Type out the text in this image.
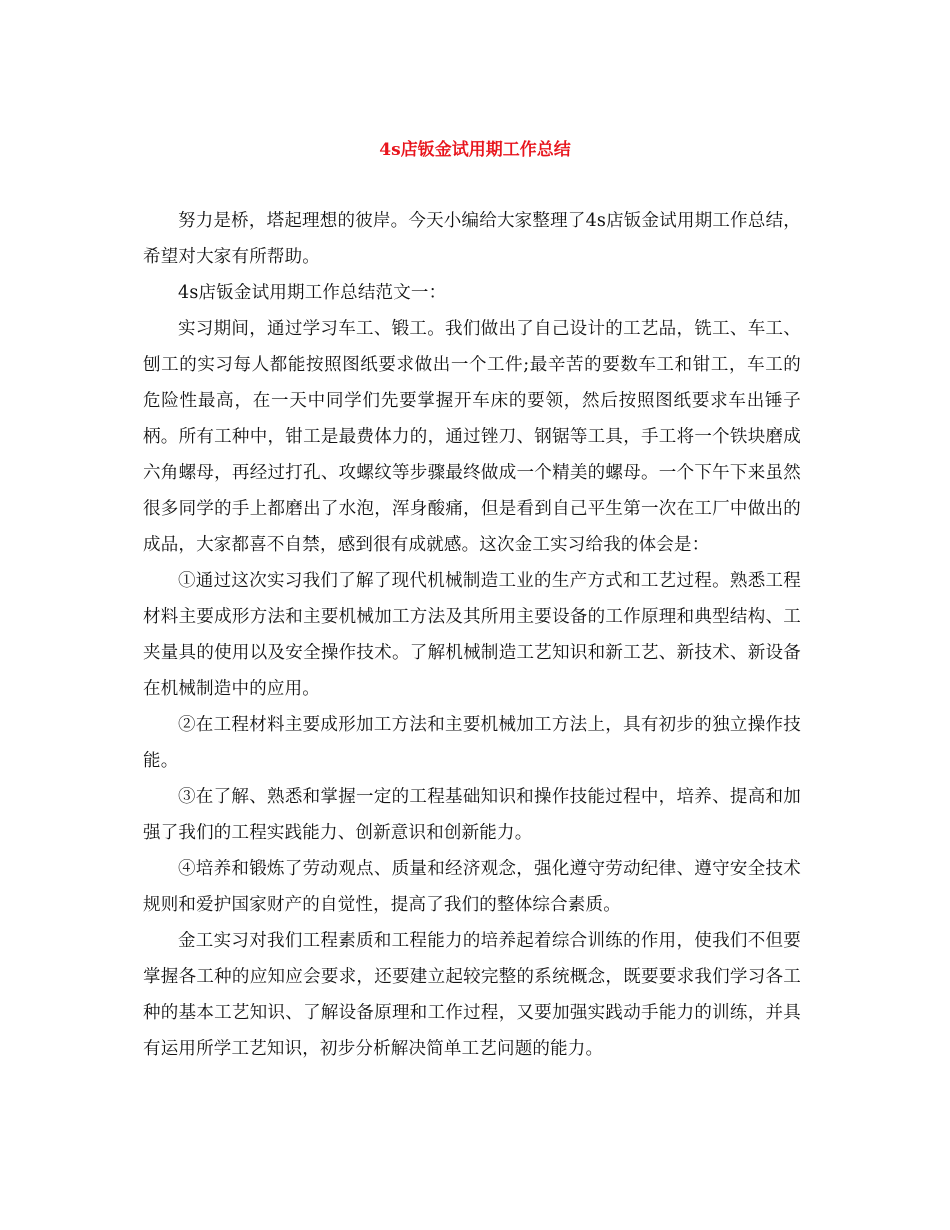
4s店钣金试用期工作总结

努力是桥，塔起理想的彼岸。今天小编给大家整理了4s店钣金试用期工作总结，希望对大家有所帮助。

4s店钣金试用期工作总结范文一：

实习期间，通过学习车工、锻工。我们做出了自己设计的工艺品，铣工、车工、刨工的实习每人都能按照图纸要求做出一个工件;最辛苦的要数车工和钳工，车工的危险性最高，在一天中同学们先要掌握开车床的要领，然后按照图纸要求车出锤子柄。所有工种中，钳工是最费体力的，通过锉刀、钢锯等工具，手工将一个铁块磨成六角螺母，再经过打孔、攻螺纹等步骤最终做成一个精美的螺母。一个下午下来虽然很多同学的手上都磨出了水泡，浑身酸痛，但是看到自己平生第一次在工厂中做出的成品，大家都喜不自禁，感到很有成就感。这次金工实习给我的体会是：

①通过这次实习我们了解了现代机械制造工业的生产方式和工艺过程。熟悉工程材料主要成形方法和主要机械加工方法及其所用主要设备的工作原理和典型结构、工夹量具的使用以及安全操作技术。了解机械制造工艺知识和新工艺、新技术、新设备在机械制造中的应用。

②在工程材料主要成形加工方法和主要机械加工方法上，具有初步的独立操作技能。

③在了解、熟悉和掌握一定的工程基础知识和操作技能过程中，培养、提高和加强了我们的工程实践能力、创新意识和创新能力。

④培养和锻炼了劳动观点、质量和经济观念，强化遵守劳动纪律、遵守安全技术规则和爱护国家财产的自觉性，提高了我们的整体综合素质。

金工实习对我们工程素质和工程能力的培养起着综合训练的作用，使我们不但要掌握各工种的应知应会要求，还要建立起较完整的系统概念，既要要求我们学习各工种的基本工艺知识、了解设备原理和工作过程，又要加强实践动手能力的训练，并具有运用所学工艺知识，初步分析解决简单工艺问题的能力。
